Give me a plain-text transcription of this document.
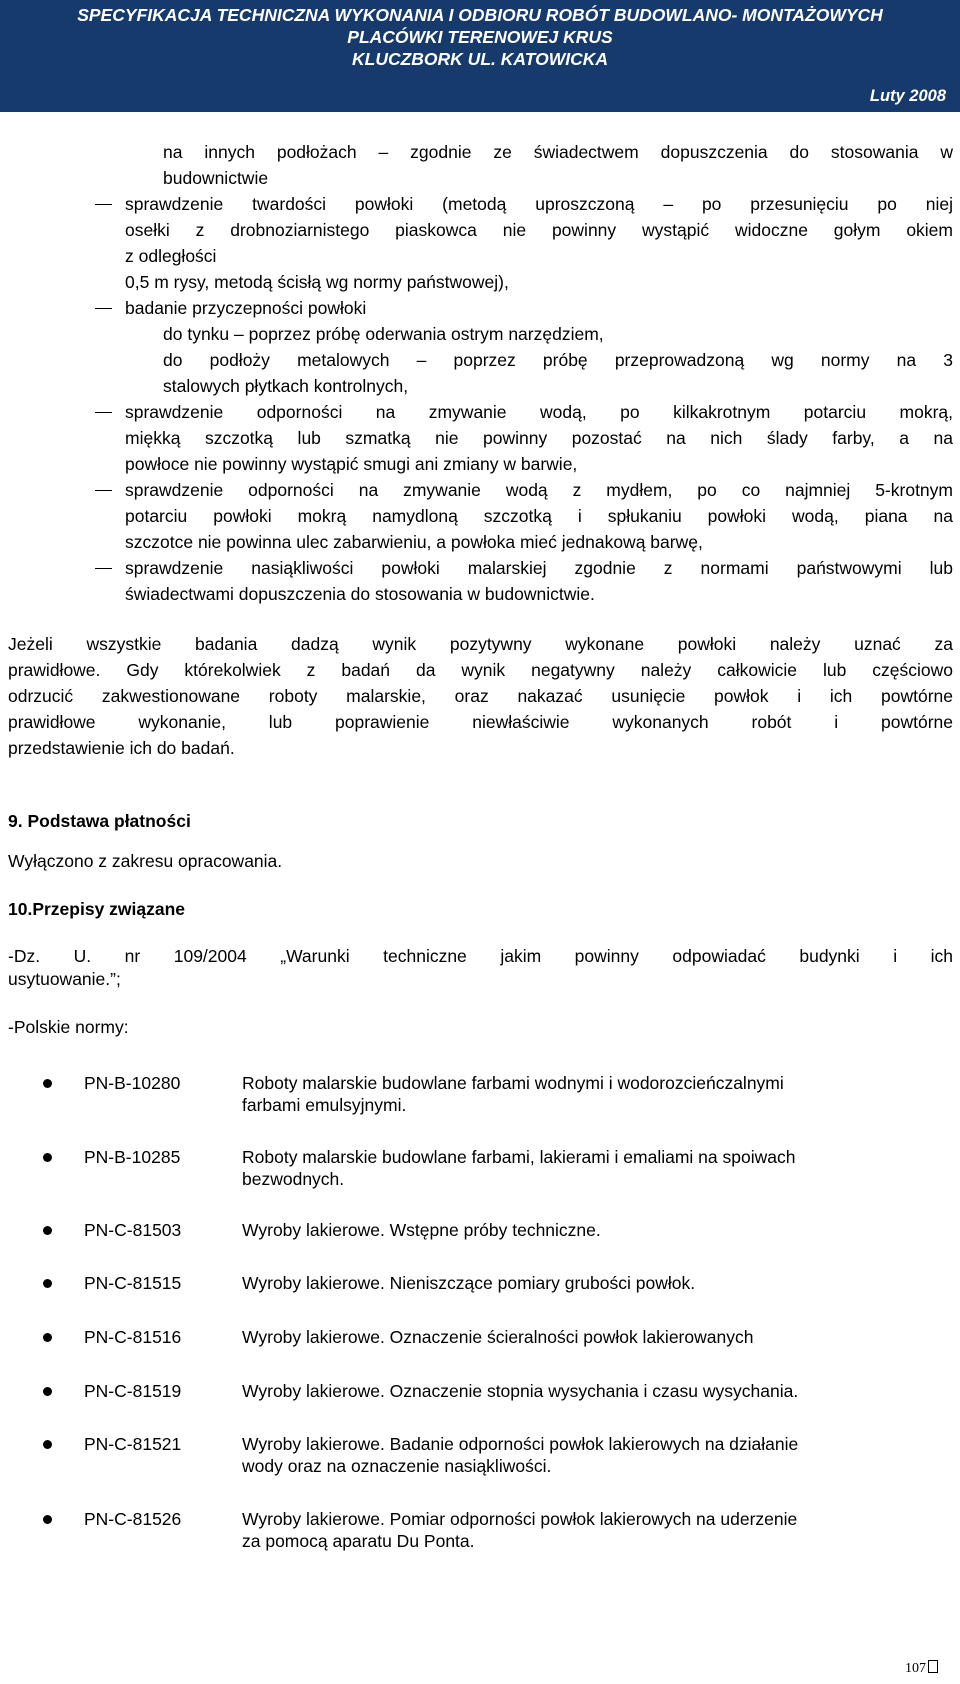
SPECYFIKACJA TECHNICZNA WYKONANIA I ODBIORU ROBÓT BUDOWLANO- MONTAŻOWYCH
PLACÓWKI TERENOWEJ KRUS
KLUCZBORK UL. KATOWICKA
Luty 2008
na innych podłożach – zgodnie ze świadectwem dopuszczenia do stosowania w
budownictwie
sprawdzenie twardości powłoki (metodą uproszczoną – po przesunięciu po niej
osełki z drobnoziarnistego piaskowca nie powinny wystąpić widoczne gołym okiem
z odległości
0,5 m rysy, metodą ścisłą wg normy państwowej),
badanie przyczepności powłoki
do tynku – poprzez próbę oderwania ostrym narzędziem,
do podłoży metalowych – poprzez próbę przeprowadzoną wg normy na 3
stalowych płytkach kontrolnych,
sprawdzenie odporności na zmywanie wodą, po kilkakrotnym potarciu mokrą,
miękką szczotką lub szmatką nie powinny pozostać na nich ślady farby, a na
powłoce nie powinny wystąpić smugi ani zmiany w barwie,
sprawdzenie odporności na zmywanie wodą z mydłem, po co najmniej 5-krotnym
potarciu powłoki mokrą namydloną szczotką i spłukaniu powłoki wodą, piana na
szczotce nie powinna ulec zabarwieniu, a powłoka mieć jednakową barwę,
sprawdzenie nasiąkliwości powłoki malarskiej zgodnie z normami państwowymi lub
świadectwami dopuszczenia do stosowania w budownictwie.
Jeżeli wszystkie badania dadzą wynik pozytywny wykonane powłoki należy uznać za
prawidłowe. Gdy którekolwiek z badań da wynik negatywny należy całkowicie lub częściowo
odrzucić zakwestionowane roboty malarskie, oraz nakazać usunięcie powłok i ich powtórne
prawidłowe wykonanie, lub poprawienie niewłaściwie wykonanych robót i powtórne
przedstawienie ich do badań.
9. Podstawa płatności
Wyłączono z zakresu opracowania.
10.Przepisy związane
-Dz. U. nr 109/2004 „Warunki techniczne jakim powinny odpowiadać budynki i ich
usytuowanie.”;
-Polskie normy:
PN-B-10280	Roboty malarskie budowlane farbami wodnymi i wodorozcieńczalnymi
farbami emulsyjnymi.
PN-B-10285	Roboty malarskie budowlane farbami, lakierami i emaliami na spoiwach
bezwodnych.
PN-C-81503	Wyroby lakierowe. Wstępne próby techniczne.
PN-C-81515	Wyroby lakierowe. Nieniszczące pomiary grubości powłok.
PN-C-81516	Wyroby lakierowe. Oznaczenie ścieralności powłok lakierowanych
PN-C-81519	Wyroby lakierowe. Oznaczenie stopnia wysychania i czasu wysychania.
PN-C-81521	Wyroby lakierowe. Badanie odporności powłok lakierowych na działanie
wody oraz na oznaczenie nasiąkliwości.
PN-C-81526	Wyroby lakierowe. Pomiar odporności powłok lakierowych na uderzenie
za pomocą aparatu Du Ponta.
107
